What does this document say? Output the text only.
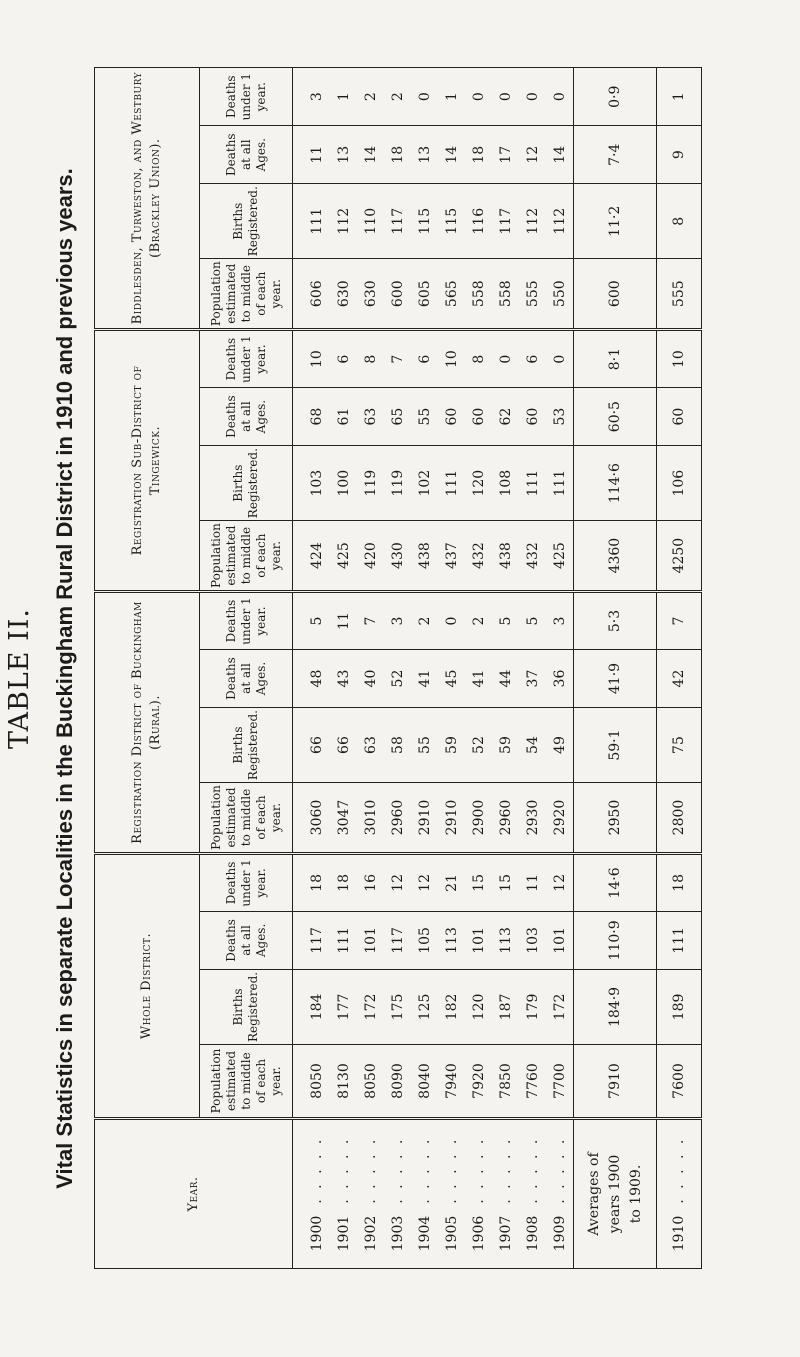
TABLE II. Vital Statistics in separate Localities in the Buckingham Rural District in 1910 and previous years.
Year.	Whole District.				Registration District of Buckingham (Rural).				Registration Sub-District of Tingewick.				Biddlesden, Turweston, and Westbury (Brackley Union).			
	Population estimated to middle of each year.	Births Registered.	Deaths at all Ages.	Deaths under 1 year.	Population estimated to middle of each year.	Births Registered.	Deaths at all Ages.	Deaths under 1 year.	Population estimated to middle of each year.	Births Registered.	Deaths at all Ages.	Deaths under 1 year.	Population estimated to middle of each year.	Births Registered.	Deaths at all Ages.	Deaths under 1 year.
1900. . . . .	8050	184	117	18	3060	66	48	5	424	103	68	10	606	111	11	3
1901. . . . .	8130	177	111	18	3047	66	43	11	425	100	61	6	630	112	13	1
1902. . . . .	8050	172	101	16	3010	63	40	7	420	119	63	8	630	110	14	2
1903. . . . .	8090	175	117	12	2960	58	52	3	430	119	65	7	600	117	18	2
1904. . . . .	8040	125	105	12	2910	55	41	2	438	102	55	6	605	115	13	0
1905. . . . .	7940	182	113	21	2910	59	45	0	437	111	60	10	565	115	14	1
1906. . . . .	7920	120	101	15	2900	52	41	2	432	120	60	8	558	116	18	0
1907. . . . .	7850	187	113	15	2960	59	44	5	438	108	62	0	558	117	17	0
1908. . . . .	7760	179	103	11	2930	54	37	5	432	111	60	6	555	112	12	0
1909. . . . .	7700	172	101	12	2920	49	36	3	425	111	53	0	550	112	14	0

Averages of years 1900 to 1909.	7910	184·9	110·9	14·6	2950	59·1	41·9	5·3	4360	114·6	60·5	8·1	600	11·2	7·4	0·9
1910. . . . .	7600	189	111	18	2800	75	42	7	4250	106	60	10	555	8	9	1
